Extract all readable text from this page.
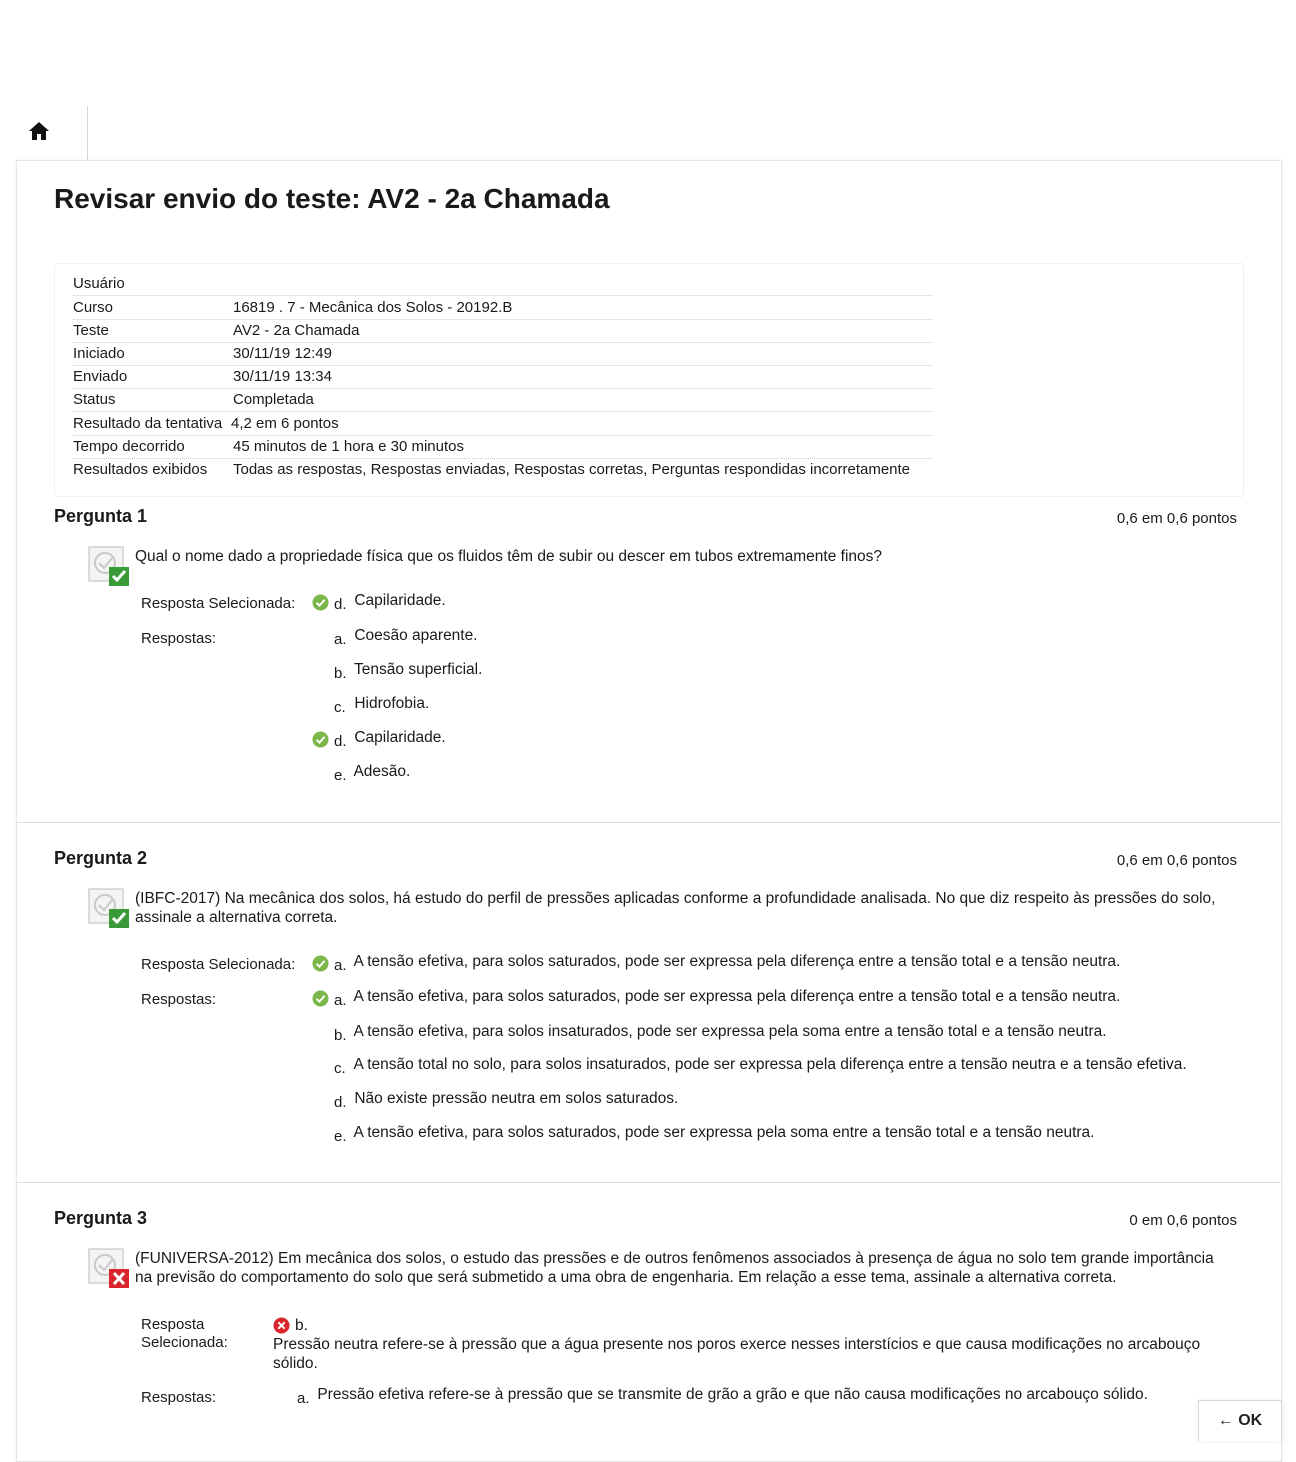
Revisar envio do teste: AV2 - 2a Chamada
Usuário
Curso	16819 . 7 - Mecânica dos Solos - 20192.B
Teste	AV2 - 2a Chamada
Iniciado	30/11/19 12:49
Enviado	30/11/19 13:34
Status	Completada
Resultado da tentativa 4,2 em 6 pontos
Tempo decorrido	45 minutos de 1 hora e 30 minutos
Resultados exibidos Todas as respostas, Respostas enviadas, Respostas corretas, Perguntas respondidas incorretamente
Pergunta 1	0,6 em 0,6 pontos
Qual o nome dado a propriedade física que os fluidos têm de subir ou descer em tubos extremamente finos?
Resposta Selecionada:	d. Capilaridade.
Respostas:	a. Coesão aparente.
b. Tensão superficial.
c. Hidrofobia.
d. Capilaridade.
e. Adesão.
Pergunta 2	0,6 em 0,6 pontos
(IBFC-2017) Na mecânica dos solos, há estudo do perfil de pressões aplicadas conforme a profundidade analisada. No que diz respeito às pressões do solo, assinale a alternativa correta.
Resposta Selecionada:	a. A tensão efetiva, para solos saturados, pode ser expressa pela diferença entre a tensão total e a tensão neutra.
Respostas:	a. A tensão efetiva, para solos saturados, pode ser expressa pela diferença entre a tensão total e a tensão neutra.
b. A tensão efetiva, para solos insaturados, pode ser expressa pela soma entre a tensão total e a tensão neutra.
c. A tensão total no solo, para solos insaturados, pode ser expressa pela diferença entre a tensão neutra e a tensão efetiva.
d. Não existe pressão neutra em solos saturados.
e. A tensão efetiva, para solos saturados, pode ser expressa pela soma entre a tensão total e a tensão neutra.
Pergunta 3	0 em 0,6 pontos
(FUNIVERSA-2012) Em mecânica dos solos, o estudo das pressões e de outros fenômenos associados à presença de água no solo tem grande importância na previsão do comportamento do solo que será submetido a uma obra de engenharia. Em relação a esse tema, assinale a alternativa correta.
Resposta
Selecionada:
b.
Pressão neutra refere-se à pressão que a água presente nos poros exerce nesses interstícios e que causa modificações no arcabouço sólido.
Respostas:	a. Pressão efetiva refere-se à pressão que se transmite de grão a grão e que não causa modificações no arcabouço sólido.
← OK
